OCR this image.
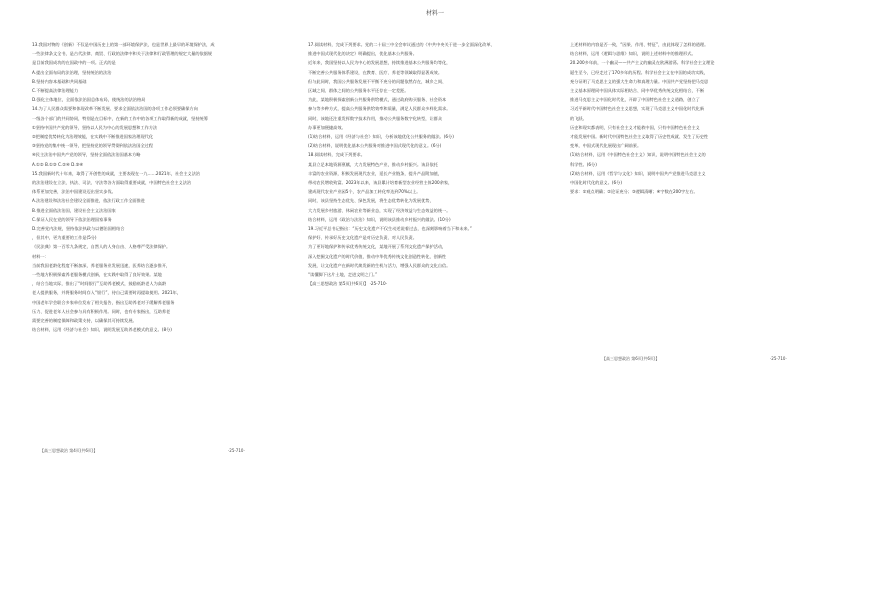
材料一

13.我国对物的《创新》不仅是中国历史上的第一部环境保护法，也是世界上最早的环境保护法，成

一些法律条文全书，是古代法律、商贸、行政的法律中和关于法律和行政管理的规定大量的依据规

是目前我国成功的在国政中的一项。正式的是

A.提出全面布局的法治理，坚持统治的法治

B.坚持内容本基础和共同基础

C.不断提高法律治理能力

D.强化主体地位，全面依法治国总体布局，使统治的法治格局

14.为了人民群众需要和体现改革不断发展、要求全面依法治国的各项工作必须要确保方向

一级各个部门的共同协同，特别是在目标中，在新的工作中的各项工作取得新的成就，坚持统筹

①坚持中国共产党的领导，坚持以人民为中心的发展思想和工作方法

②把制度优势转化为治理效能，在实践中不断推进国家治理现代化

③坚持党的集中统一领导，把坚持党的领导贯彻到依法治国全过程

④民主法治中国共产党的领导，坚持全面依法治国基本方略

A.①② B.①③ C.②④ D.③④

15.我国新时代十年来，取得了开创性的成就，主要表现在一九……2021年，社会主义法治

的法治建设在立法、执法、司法、守法等各方面取得重要成就，中国特色社会主义法治

体系更加完善，法治中国建设迈出坚实步伐。

A.法治建设和法治社会建设全面推进，依法行政工作全面推进

B.推进全面依法治国，建设社会主义法治国家

C.保证人民在党的领导下依法治理国家事务

D.完善党内法规，坚持依法执政与以德治国相结合

，但其中，更为重要的工作是(5分)

《民法典》第一百零九条规定，自然人的人身自由、人格尊严受法律保护。

材料一：

当前我国老龄化程度不断加深，养老服务业发展迅速，医养结合逐步推开，

一些地方积极探索养老服务模式创新，在实践中取得了良好效果。某地

，结合当地实际，推出了“时间银行”互助养老模式，鼓励低龄老人为高龄

老人提供服务，并将服务时间存入“银行”，待自己需要时再提取使用。2021年，

中国老年学会联合多家单位发布了相关报告，指出互助养老对于缓解养老服务

压力、促进老年人社会参与具有积极作用。同时，也有专家指出，互助养老

需要完善的制度保障和政策支持，以确保其可持续发展。

结合材料，运用《经济与社会》知识，说明发展互助养老模式的意义。(8分)

17.阅读材料，完成下列要求。党的二十届三中全会审议通过的《中共中央关于进一步全面深化改革、

推进中国式现代化的决定》明确提出，优化基本公共服务。

近年来，我国坚持以人民为中心的发展思想，持续推进基本公共服务均等化，

不断完善公共服务体系建设，在教育、医疗、养老等领域取得显著成效。

但与此同时，我国公共服务发展不平衡不充分的问题依然存在，城乡之间、

区域之间、群体之间的公共服务水平还存在一定差距。

为此，某地积极探索创新公共服务供给模式，通过政府购买服务、社会资本

参与等多种方式，提高公共服务供给效率和质量，满足人民群众多样化需求。

同时，该地还注重发挥数字技术作用，推动公共服务数字化转型，让群众

办事更加便捷高效。

(1)结合材料，运用《经济与社会》知识，分析该地优化公共服务的做法。(6分)

(2)结合材料，说明优化基本公共服务对推进中国式现代化的意义。(6分)

18.阅读材料，完成下列要求。

某县立足本地资源禀赋，大力发展特色产业，推动乡村振兴。该县依托

丰富的农业资源，积极发展现代农业，延长产业链条，提升产品附加值，

带动农民增收致富。2023年以来，该县累计培育新型农业经营主体200余家，

建成现代农业产业园5个，农产品加工转化率达到70%以上。

同时，该县坚持生态优先、绿色发展，将生态优势转化为发展优势，

大力发展乡村旅游、休闲农业等新业态，实现了经济效益与生态效益的统一。

结合材料，运用《政治与法治》知识，说明该县推动乡村振兴的做法。(10分)

19.习近平总书记指出：“历史文化遗产不仅生动述说着过去，也深刻影响着当下和未来。”

保护好、传承好历史文化遗产是对历史负责、对人民负责。

为了更好地保护和传承优秀传统文化，某地开展了系列文化遗产保护活动，

深入挖掘文化遗产的时代价值，推动中华优秀传统文化创造性转化、创新性

发展，让文化遗产在新时代焕发新的生机与活力，增强人民群众的文化自信。

“读懂脚下这片土地，走进文明之门。”

【高三思想政治 第5页(共6页)】 ·25-710·

上述材料的内容是否一致，“因果、作用、特征”，由此体现了怎样的道理。

结合材料，运用《逻辑与思维》知识，说明上述材料中的推理形式。

20.200多年前，一个幽灵——共产主义的幽灵在欧洲游荡。科学社会主义理论

诞生至今，已经走过了170多年的历程。科学社会主义在中国的成功实践，

充分证明了马克思主义的强大生命力和真理力量。中国共产党坚持把马克思

主义基本原理同中国具体实际相结合、同中华优秀传统文化相结合，不断

推进马克思主义中国化时代化，开辟了中国特色社会主义道路，创立了

习近平新时代中国特色社会主义思想，实现了马克思主义中国化时代化新

的飞跃。

历史和现实都表明，只有社会主义才能救中国，只有中国特色社会主义

才能发展中国。新时代中国特色社会主义取得了历史性成就、发生了历史性

变革，中国式现代化展现出广阔前景。

(1)结合材料，运用《中国特色社会主义》知识，说明中国特色社会主义的

科学性。(6分)

(2)结合材料，运用《哲学与文化》知识，说明中国共产党推进马克思主义

中国化时代化的意义。(6分)

要求：①观点明确；②论证充分；③逻辑清晰；④字数在200字左右。

【高三思想政治 第4页(共6页)】	·25-710·
【高三思想政治 第6页(共6页)】	·25-710·
